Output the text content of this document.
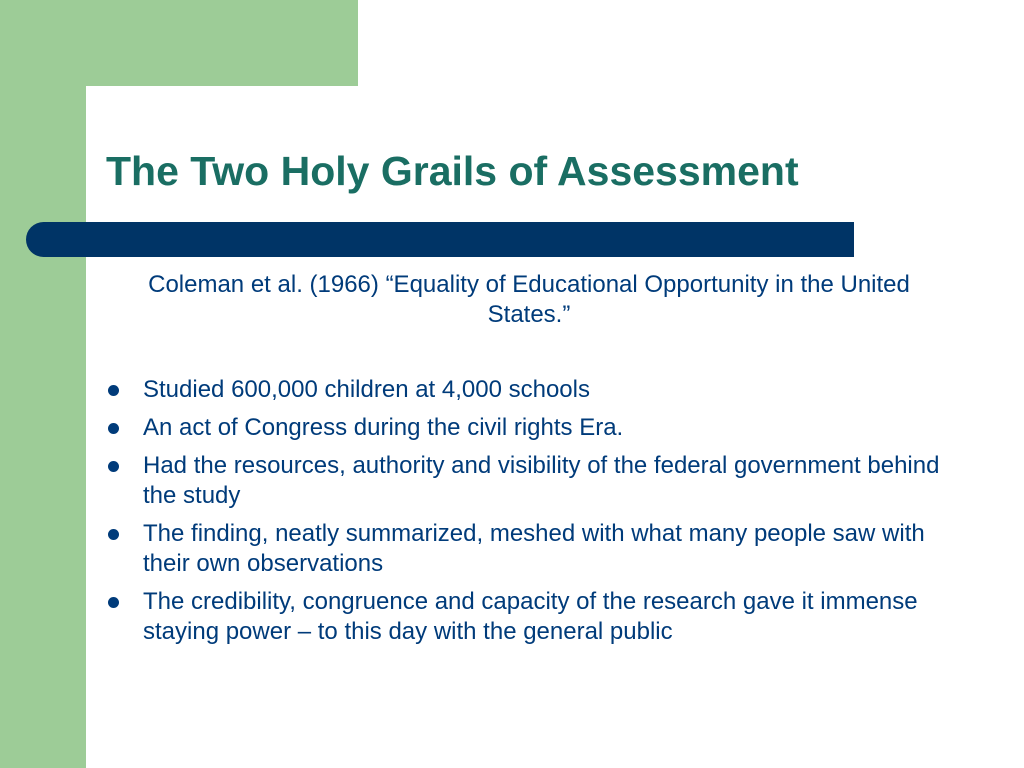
The Two Holy Grails of Assessment
Coleman et al. (1966) “Equality of Educational Opportunity in the United States.”
Studied 600,000 children at 4,000 schools
An act of Congress during the civil rights Era.
Had the resources, authority and visibility of the federal government behind the study
The finding, neatly summarized, meshed with what many people saw with their own observations
The credibility, congruence and capacity of the research gave it immense staying power – to this day with the general public
